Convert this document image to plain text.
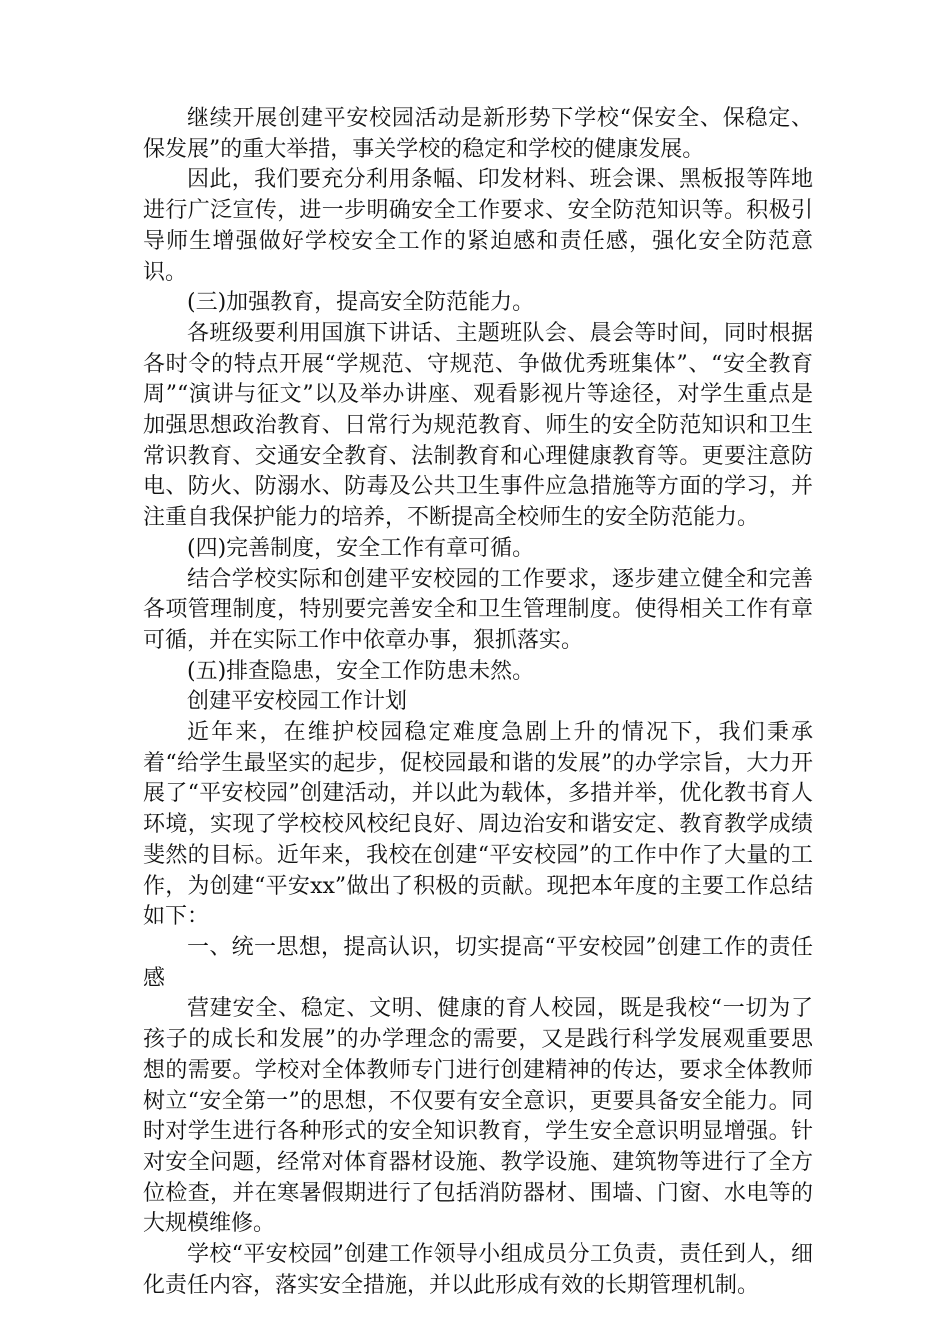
继续开展创建平安校园活动是新形势下学校“保安全、保稳定、保发展”的重大举措，事关学校的稳定和学校的健康发展。

因此，我们要充分利用条幅、印发材料、班会课、黑板报等阵地进行广泛宣传，进一步明确安全工作要求、安全防范知识等。积极引导师生增强做好学校安全工作的紧迫感和责任感，强化安全防范意识。

(三)加强教育，提高安全防范能力。

各班级要利用国旗下讲话、主题班队会、晨会等时间，同时根据各时令的特点开展“学规范、守规范、争做优秀班集体”、“安全教育周”“演讲与征文”以及举办讲座、观看影视片等途径，对学生重点是加强思想政治教育、日常行为规范教育、师生的安全防范知识和卫生常识教育、交通安全教育、法制教育和心理健康教育等。更要注意防电、防火、防溺水、防毒及公共卫生事件应急措施等方面的学习，并注重自我保护能力的培养，不断提高全校师生的安全防范能力。

(四)完善制度，安全工作有章可循。

结合学校实际和创建平安校园的工作要求，逐步建立健全和完善各项管理制度，特别要完善安全和卫生管理制度。使得相关工作有章可循，并在实际工作中依章办事，狠抓落实。

(五)排查隐患，安全工作防患未然。

创建平安校园工作计划

近年来，在维护校园稳定难度急剧上升的情况下，我们秉承着“给学生最坚实的起步，促校园最和谐的发展”的办学宗旨，大力开展了“平安校园”创建活动，并以此为载体，多措并举，优化教书育人环境，实现了学校校风校纪良好、周边治安和谐安定、教育教学成绩斐然的目标。近年来，我校在创建“平安校园”的工作中作了大量的工作，为创建“平安xx”做出了积极的贡献。现把本年度的主要工作总结如下：

一、统一思想，提高认识，切实提高“平安校园”创建工作的责任感

营建安全、稳定、文明、健康的育人校园，既是我校“一切为了孩子的成长和发展”的办学理念的需要，又是践行科学发展观重要思想的需要。学校对全体教师专门进行创建精神的传达，要求全体教师树立“安全第一”的思想，不仅要有安全意识，更要具备安全能力。同时对学生进行各种形式的安全知识教育，学生安全意识明显增强。针对安全问题，经常对体育器材设施、教学设施、建筑物等进行了全方位检查，并在寒暑假期进行了包括消防器材、围墙、门窗、水电等的大规模维修。

学校“平安校园”创建工作领导小组成员分工负责，责任到人，细化责任内容，落实安全措施，并以此形成有效的长期管理机制。
